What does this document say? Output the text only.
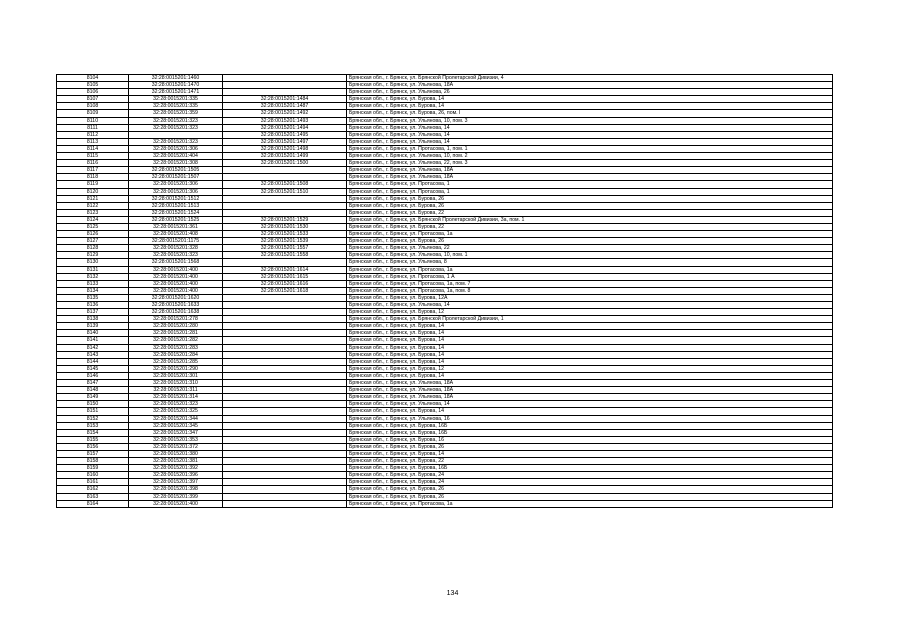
8104	32:28:0015201:1460		Брянская обл., г. Брянск, ул. Брянской Пролетарской Дивизии, 4
8105	32:28:0015201:1470		Брянская обл., г. Брянск, ул. Ульянова, 18А
8106	32:28:0015201:1471		Брянская обл., г. Брянск, ул. Ульянова, 26
8107	32:28:0015201:335	32:28:0015201:1484	Брянская обл., г. Брянск, ул. Бурова, 14
8108	32:28:0015201:335	32:28:0015201:1487	Брянская обл., г. Брянск, ул. Бурова, 14
8109	32:28:0015201:359	32:28:0015201:1492	Брянская обл., г. Брянск, ул. Бурова, 26, пом. I
8110	32:28:0015201:323	32:28:0015201:1493	Брянская обл., г. Брянск, ул. Ульянова, 10, пом. 3
8111	32:28:0015201:323	32:28:0015201:1494	Брянская обл., г. Брянск, ул. Ульянова, 14
8112		32:28:0015201:1495	Брянская обл., г. Брянск, ул. Ульянова, 14
8113	32:28:0015201:323	32:28:0015201:1497	Брянская обл., г. Брянск, ул. Ульянова, 14
8114	32:28:0015201:306	32:28:0015201:1498	Брянская обл., г. Брянск, ул. Протасова, 1, пом. 1
8115	32:28:0015201:404	32:28:0015201:1499	Брянская обл., г. Брянск, ул. Ульянова, 10, пом. 2
8116	32:28:0015201:308	32:28:0015201:1500	Брянская обл., г. Брянск, ул. Ульянова, 22, пом. 3
8117	32:28:0015201:1505		Брянская обл., г. Брянск, ул. Ульянова, 18А
8118	32:28:0015201:1507		Брянская обл., г. Брянск, ул. Ульянова, 18А
8119	32:28:0015201:306	32:28:0015201:1508	Брянская обл., г. Брянск, ул. Протасова, 1
8120	32:28:0015201:306	32:28:0015201:1510	Брянская обл., г. Брянск, ул. Протасова, 1
8121	32:28:0015201:1512		Брянская обл., г. Брянск, ул. Бурова, 26
8122	32:28:0015201:1513		Брянская обл., г. Брянск, ул. Бурова, 26
8123	32:28:0015201:1524		Брянская обл., г. Брянск, ул. Бурова, 22
8124	32:28:0015201:1525	32:28:0015201:1529	Брянская обл., г. Брянск, ул. Брянской Пролетарской Дивизии, 3а, пом. 1
8125	32:28:0015201:361	32:28:0015201:1530	Брянская обл., г. Брянск, ул. Бурова, 22
8126	32:28:0015201:408	32:28:0015201:1533	Брянская обл., г. Брянск, ул. Протасова, 1а
8127	32:28:0015201:1175	32:28:0015201:1539	Брянская обл., г. Брянск, ул. Бурова, 26
8128	32:28:0015201:328	32:28:0015201:1557	Брянская обл., г. Брянск, ул. Ульянова, 22
8129	32:28:0015201:323	32:28:0015201:1558	Брянская обл., г. Брянск, ул. Ульянова, 10, пом. 1
8130	32:28:0015201:1568		Брянская обл., г. Брянск, ул. Ульянова, 8
8131	32:28:0015201:400	32:28:0015201:1614	Брянская обл., г. Брянск, ул. Протасова, 1а
8132	32:28:0015201:400	32:28:0015201:1615	Брянская обл., г. Брянск, ул. Протасова, 1 А
8133	32:28:0015201:400	32:28:0015201:1616	Брянская обл., г. Брянск, ул. Протасова, 1а, пом. 7
8134	32:28:0015201:400	32:28:0015201:1618	Брянская обл., г. Брянск, ул. Протасова, 1а, пом. 8
8135	32:28:0015201:1620		Брянская обл., г. Брянск, ул. Бурова, 12А
8136	32:28:0015201:1633		Брянская обл., г. Брянск, ул. Ульянова, 14
8137	32:28:0015201:1638		Брянская обл., г. Брянск, ул. Бурова, 12
8138	32:28:0015201:278		Брянская обл., г. Брянск, ул. Брянской Пролетарской Дивизии, 1
8139	32:28:0015201:280		Брянская обл., г. Брянск, ул. Бурова, 14
8140	32:28:0015201:281		Брянская обл., г. Брянск, ул. Бурова, 14
8141	32:28:0015201:282		Брянская обл., г. Брянск, ул. Бурова, 14
8142	32:28:0015201:283		Брянская обл., г. Брянск, ул. Бурова, 14
8143	32:28:0015201:284		Брянская обл., г. Брянск, ул. Бурова, 14
8144	32:28:0015201:285		Брянская обл., г. Брянск, ул. Бурова, 14
8145	32:28:0015201:290		Брянская обл., г. Брянск, ул. Бурова, 12
8146	32:28:0015201:301		Брянская обл., г. Брянск, ул. Бурова, 14
8147	32:28:0015201:310		Брянская обл., г. Брянск, ул. Ульянова, 18А
8148	32:28:0015201:311		Брянская обл., г. Брянск, ул. Ульянова, 18А
8149	32:28:0015201:314		Брянская обл., г. Брянск, ул. Ульянова, 18А
8150	32:28:0015201:323		Брянская обл., г. Брянск, ул. Ульянова, 14
8151	32:28:0015201:325		Брянская обл., г. Брянск, ул. Бурова, 14
8152	32:28:0015201:344		Брянская обл., г. Брянск, ул. Ульянова, 16
8153	32:28:0015201:345		Брянская обл., г. Брянск, ул. Бурова, 16Б
8154	32:28:0015201:347		Брянская обл., г. Брянск, ул. Бурова, 16Б
8155	32:28:0015201:353		Брянская обл., г. Брянск, ул. Бурова, 16
8156	32:28:0015201:372		Брянская обл., г. Брянск, ул. Бурова, 26
8157	32:28:0015201:380		Брянская обл., г. Брянск, ул. Бурова, 14
8158	32:28:0015201:381		Брянская обл., г. Брянск, ул. Бурова, 22
8159	32:28:0015201:392		Брянская обл., г. Брянск, ул. Бурова, 16Б
8160	32:28:0015201:396		Брянская обл., г. Брянск, ул. Бурова, 24
8161	32:28:0015201:397		Брянская обл., г. Брянск, ул. Бурова, 24
8162	32:28:0015201:398		Брянская обл., г. Брянск, ул. Бурова, 26
8163	32:28:0015201:399		Брянская обл., г. Брянск, ул. Бурова, 26
8164	32:28:0015201:400		Брянская обл., г. Брянск, ул. Протасова, 1а
134
